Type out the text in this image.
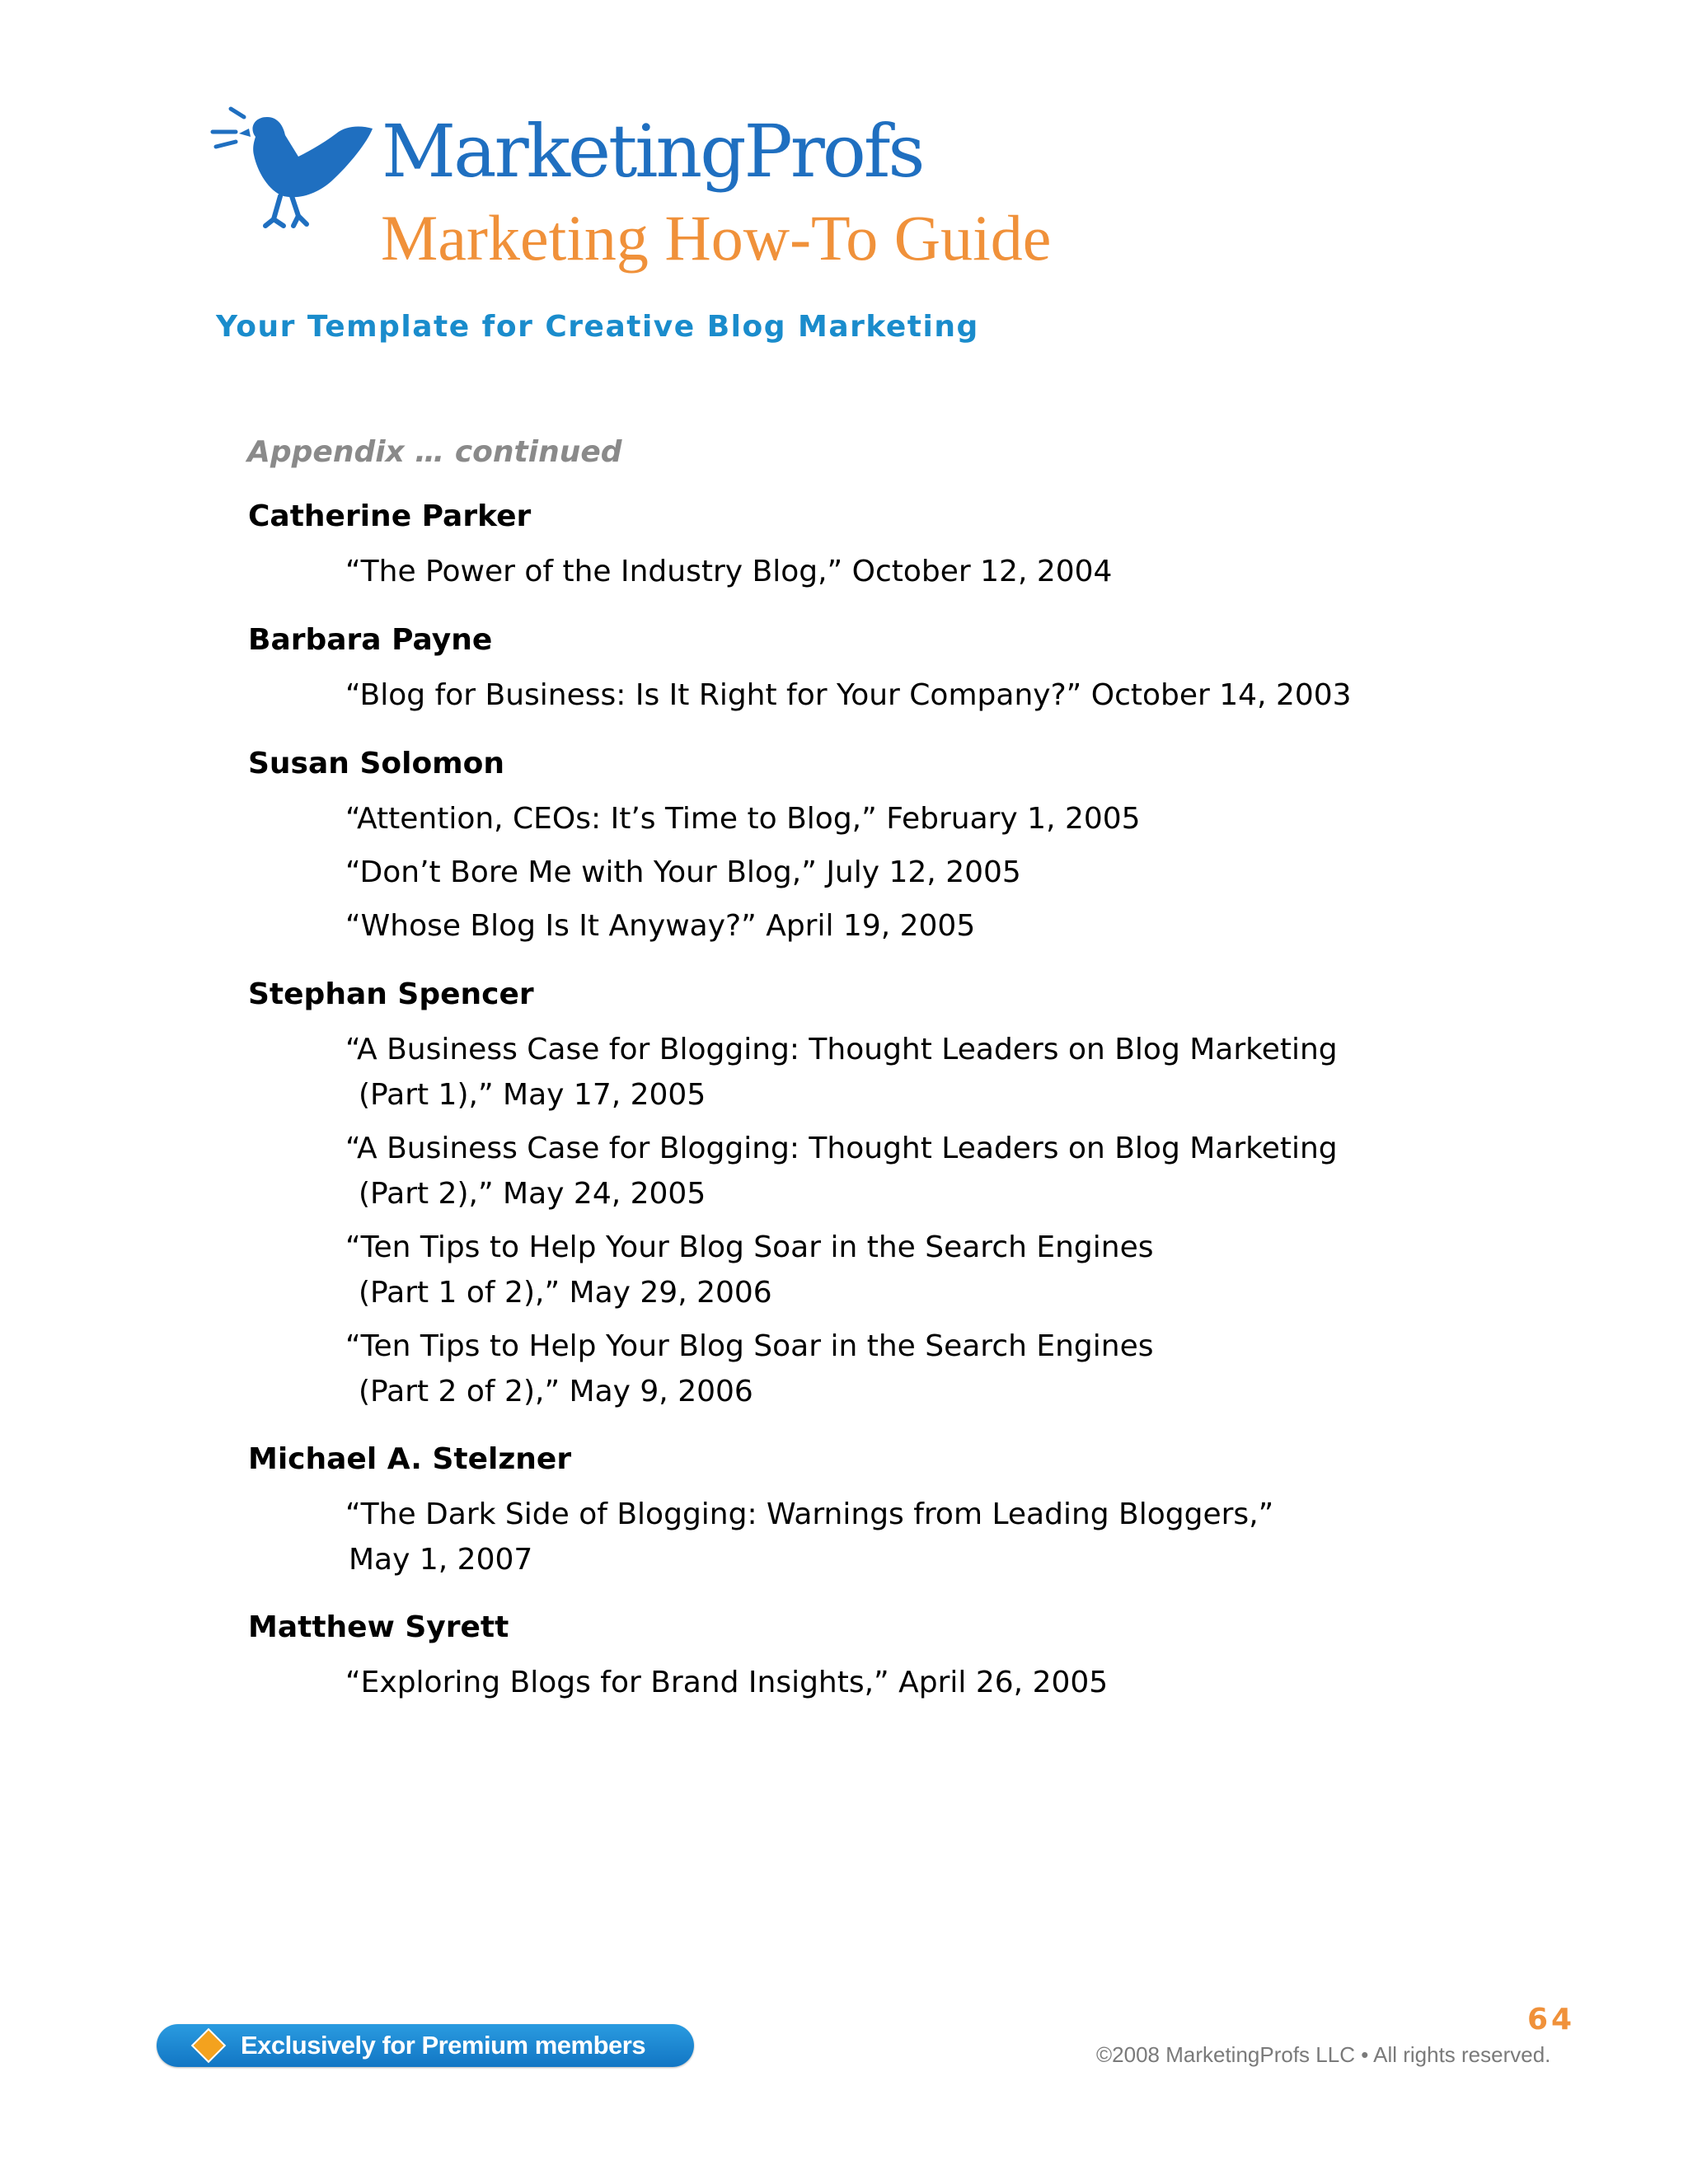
MarketingProfs
Marketing How-To Guide
Your Template for Creative Blog Marketing
Appendix … continued
Catherine Parker
“The Power of the Industry Blog,” October 12, 2004
Barbara Payne
“Blog for Business: Is It Right for Your Company?” October 14, 2003
Susan Solomon
“Attention, CEOs: It’s Time to Blog,” February 1, 2005
“Don’t Bore Me with Your Blog,” July 12, 2005
“Whose Blog Is It Anyway?” April 19, 2005
Stephan Spencer
“A Business Case for Blogging: Thought Leaders on Blog Marketing
(Part 1),” May 17, 2005
“A Business Case for Blogging: Thought Leaders on Blog Marketing
(Part 2),” May 24, 2005
“Ten Tips to Help Your Blog Soar in the Search Engines
(Part 1 of 2),” May 29, 2006
“Ten Tips to Help Your Blog Soar in the Search Engines
(Part 2 of 2),” May 9, 2006
Michael A. Stelzner
“The Dark Side of Blogging: Warnings from Leading Bloggers,”
May 1, 2007
Matthew Syrett
“Exploring Blogs for Brand Insights,” April 26, 2005
Exclusively for Premium members
64
©2008 MarketingProfs LLC • All rights reserved.
